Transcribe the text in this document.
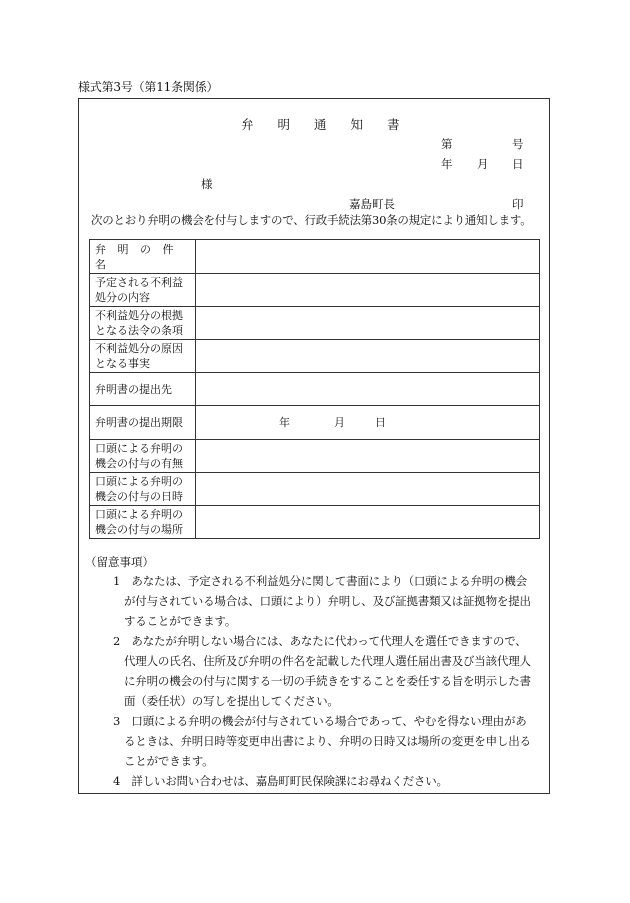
様式第3号（第11条関係）
弁 明 通 知 書
第	号
年 月 日
様
嘉島町長	印
次のとおり弁明の機会を付与しますので、行政手続法第30条の規定により通知します。
弁 明 の 件 名	
予定される不利益処分の内容	
不利益処分の根拠となる法令の条項	
不利益処分の原因となる事実	
弁明書の提出先	
弁明書の提出期限	年 月 日

口頭による弁明の機会の付与の有無	
口頭による弁明の機会の付与の日時	
口頭による弁明の機会の付与の場所	
（留意事項）
1　あなたは、予定される不利益処分に関して書面により（口頭による弁明の機会が付与されている場合は、口頭により）弁明し、及び証拠書類又は証拠物を提出することができます。
2　あなたが弁明しない場合には、あなたに代わって代理人を選任できますので、代理人の氏名、住所及び弁明の件名を記載した代理人選任届出書及び当該代理人に弁明の機会の付与に関する一切の手続きをすることを委任する旨を明示した書面（委任状）の写しを提出してください。
3　口頭による弁明の機会が付与されている場合であって、やむを得ない理由があるときは、弁明日時等変更申出書により、弁明の日時又は場所の変更を申し出ることができます。
4　詳しいお問い合わせは、嘉島町町民保険課にお尋ねください。
